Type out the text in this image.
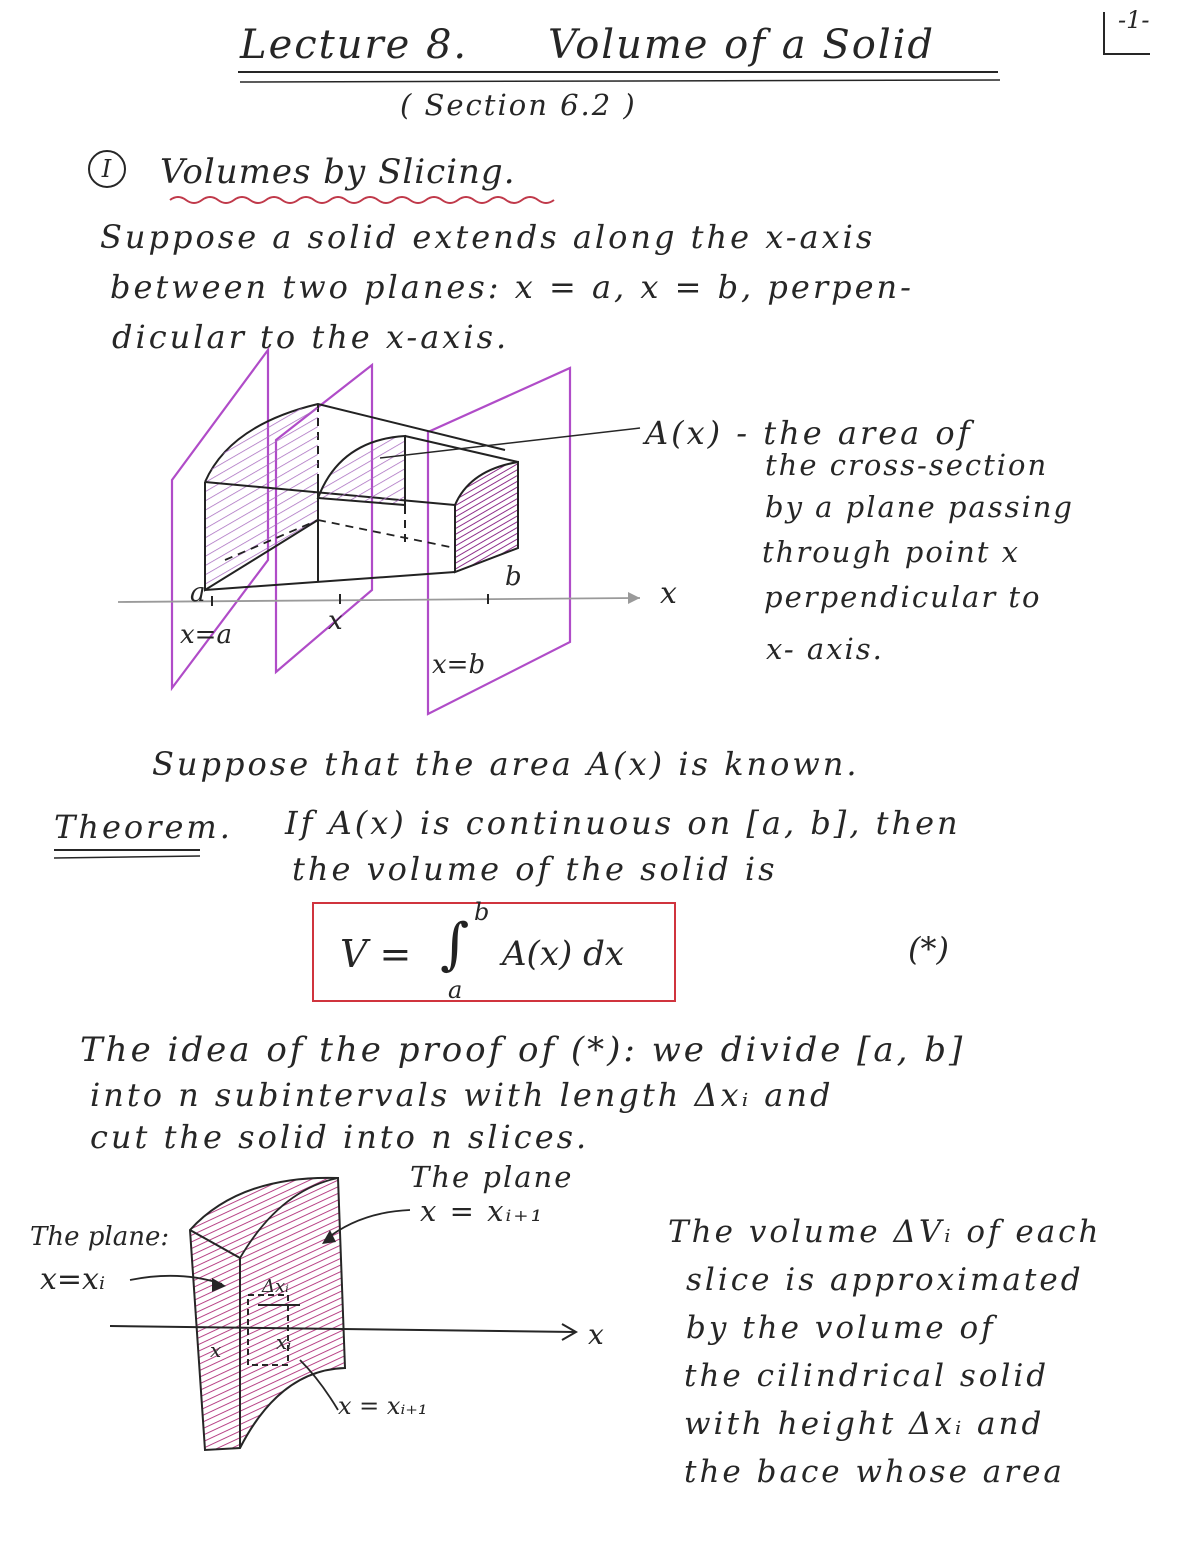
Lecture 8. Volume of a Solid
( Section 6.2 )
-1-
I	Volumes by Slicing.
Suppose a solid extends along the x-axis
between two planes: x = a, x = b, perpen-
dicular to the x-axis.
a
x
b	x
x=a
x=b
A(x) - the area of
the cross-section
by a plane passing
through point x
perpendicular to
x- axis.
Suppose that the area A(x) is known.
Theorem. If A(x) is continuous on [a, b], then
the volume of the solid is
V = ∫ b
a
A(x) dx	(*)
The idea of the proof of (*): we divide [a, b]
into n subintervals with length Δxᵢ and
cut the solid into n slices.
The plane
x = xᵢ₊₁
The plane:
x=xᵢ	Δxᵢ
x	xᵢ	x
x = xᵢ₊₁
The volume ΔVᵢ of each
slice is approximated
by the volume of
the cilindrical solid
with height Δxᵢ and
the bace whose area
